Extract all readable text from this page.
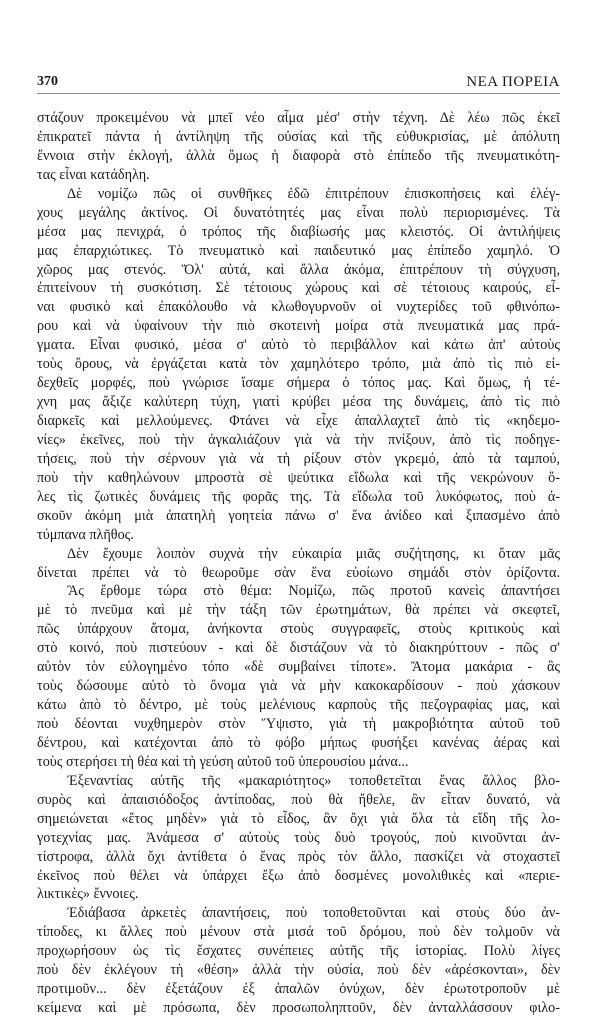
370	ΝΕΑ ΠΟΡΕΙΑ
στάζουν προκειμένου νὰ μπεῖ νέο αἷμα μέσ' στὴν τέχνη. Δὲ λέω πῶς ἐκεῖ
ἐπικρατεῖ πάντα ἡ ἀντίληψη τῆς οὐσίας καὶ τῆς εὐθυκρισίας, μὲ ἀπόλυτη
ἔννοια στὴν ἐκλογή, ἀλλὰ ὅμως ἡ διαφορὰ στὸ ἐπίπεδο τῆς πνευματικότη-
τας εἶναι κατάδηλη.
Δὲ νομίζω πῶς οἱ συνθῆκες ἐδῶ ἐπιτρέπουν ἐπισκοπήσεις καὶ ἐλέγ-
χους μεγάλης ἀκτίνος. Οἱ δυνατότητές μας εἶναι πολὺ περιορισμένες. Τὰ
μέσα μας πενιχρά, ὁ τρόπος τῆς διαβίωσής μας κλειστός. Οἱ ἀντιλήψεις
μας ἐπαρχιώτικες. Τὸ πνευματικὸ καὶ παιδευτικό μας ἐπίπεδο χαμηλό. Ὁ
χῶρος μας στενός. Ὅλ' αὐτά, καὶ ἄλλα ἀκόμα, ἐπιτρέπουν τὴ σύγχυση,
ἐπιτείνουν τὴ συσκότιση. Σὲ τέτοιους χώρους καὶ σὲ τέτοιους καιρούς, εἶ-
ναι φυσικὸ καὶ ἐπακόλουθο νὰ κλωθογυρνοῦν οἱ νυχτερίδες τοῦ φθινόπω-
ρου καὶ νὰ ὑφαίνουν τὴν πιὸ σκοτεινὴ μοίρα στὰ πνευματικά μας πρά-
γματα. Εἶναι φυσικό, μέσα σ' αὐτὸ τὸ περιβάλλον καὶ κάτω ἀπ' αὐτοὺς
τοὺς ὅρους, νὰ ἐργάζεται κατὰ τὸν χαμηλότερο τρόπο, μιὰ ἀπὸ τὶς πιὸ εἰ-
δεχθεῖς μορφές, ποὺ γνώρισε ἴσαμε σήμερα ὁ τόπος μας. Καὶ ὅμως, ἡ τέ-
χνη μας ἄξιζε καλύτερη τύχη, γιατὶ κρύβει μέσα της δυνάμεις, ἀπὸ τὶς πιὸ
διαρκεῖς καὶ μελλούμενες. Φτάνει νὰ εἶχε ἀπαλλαχτεῖ ἀπὸ τὶς «κηδεμο-
νίες» ἐκεῖνες, ποὺ τὴν ἀγκαλιάζουν γιὰ νὰ τὴν πνίξουν, ἀπὸ τὶς ποδηγε-
τήσεις, ποὺ τὴν σέρνουν γιὰ νὰ τὴ ρίξουν στὸν γκρεμό, ἀπὸ τὰ ταμπού,
ποὺ τὴν καθηλώνουν μπροστὰ σὲ ψεύτικα εἴδωλα καὶ τῆς νεκρώνουν ὅ-
λες τὶς ζωτικὲς δυνάμεις τῆς φορᾶς της. Τὰ εἴδωλα τοῦ λυκόφωτος, ποὺ ἀ-
σκοῦν ἀκόμη μιὰ ἀπατηλὴ γοητεία πάνω σ' ἕνα ἀνίδεο καὶ ξιπασμένο ἀπὸ
τύμπανα πλῆθος.
Δὲν ἔχουμε λοιπὸν συχνὰ τὴν εὐκαιρία μιᾶς συζήτησης, κι ὅταν μᾶς
δίνεται πρέπει νὰ τὸ θεωροῦμε σὰν ἕνα εὐοίωνο σημάδι στὸν ὁρίζοντα.
Ἂς ἔρθομε τώρα στὸ θέμα: Νομίζω, πῶς προτοῦ κανεὶς ἀπαντήσει
μὲ τὸ πνεῦμα καὶ μὲ τὴν τάξη τῶν ἐρωτημάτων, θὰ πρέπει νὰ σκεφτεῖ,
πῶς ὑπάρχουν ἄτομα, ἀνήκοντα στοὺς συγγραφεῖς, στοὺς κριτικοὺς καὶ
στὸ κοινό, ποὺ πιστεύουν - καὶ δὲ διστάζουν νὰ τὸ διακηρύττουν - πῶς σ'
αὐτὸν τὸν εὐλογημένο τόπο «δὲ συμβαίνει τίποτε». Ἄτομα μακάρια - ἂς
τοὺς δώσουμε αὐτὸ τὸ ὄνομα γιὰ νὰ μὴν κακοκαρδίσουν - ποὺ χάσκουν
κάτω ἀπὸ τὸ δέντρο, μὲ τοὺς μελένιους καρποὺς τῆς πεζογραφίας μας, καὶ
ποὺ δέονται νυχθημερὸν στὸν Ὕψιστο, γιὰ τὴ μακροβιότητα αὐτοῦ τοῦ
δέντρου, καὶ κατέχονται ἀπὸ τὸ φόβο μήπως φυσήξει κανένας ἀέρας καὶ
τοὺς στερήσει τὴ θέα καὶ τὴ γεύση αὐτοῦ τοῦ ὑπερουσίου μάνα...
Ἐξεναντίας αὐτῆς τῆς «μακαριότητος» τοποθετεῖται ἕνας ἄλλος βλο-
συρὸς καὶ ἀπαισιόδοξος ἀντίποδας, ποὺ θὰ ἤθελε, ἂν εἶταν δυνατό, νὰ
σημειώνεται «ἔτος μηδὲν» γιὰ τὸ εἶδος, ἂν ὄχι γιὰ ὅλα τὰ εἴδη τῆς λο-
γοτεχνίας μας. Ἀνάμεσα σ' αὐτοὺς τοὺς δυὸ τρογούς, ποὺ κινοῦνται ἀν-
τίστροφα, ἀλλὰ ὄχι ἀντίθετα ὁ ἕνας πρὸς τὸν ἄλλο, πασκίζει νὰ στοχαστεῖ
ἐκεῖνος ποὺ θέλει νὰ ὑπάρχει ἔξω ἀπὸ δοσμένες μονολιθικὲς καὶ «περιε-
λικτικὲς» ἔννοιες.
Ἐδιάβασα ἀρκετὲς ἀπαντήσεις, ποὺ τοποθετοῦνται καὶ στοὺς δύο ἀν-
τίποδες, κι ἄλλες ποὺ μένουν στὰ μισά τοῦ δρόμου, ποὺ δὲν τολμοῦν νὰ
προχωρήσουν ὡς τὶς ἔσχατες συνέπειες αὐτῆς τῆς ἱστορίας. Πολὺ λίγες
ποὺ δὲν ἐκλέγουν τὴ «θέση» ἀλλὰ τὴν οὐσία, ποὺ δὲν «ἀρέσκονται», δὲν
προτιμοῦν... δὲν ἐξετάζουν ἐξ ἁπαλῶν ὀνύχων, δὲν ἐρωτοτροποῦν μὲ
κείμενα καὶ μὲ πρόσωπα, δὲν προσωποληπτοῦν, δὲν ἀνταλλάσσουν φιλο-
